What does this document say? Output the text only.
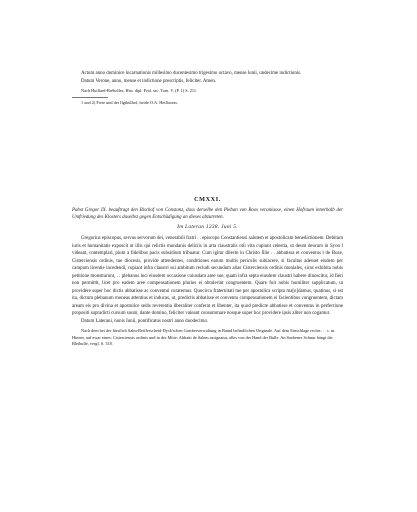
Actum anno dominice incarnationis millesimo ducentesimo trigesimo octavo, mense lunii, undecime indictionis.

Datum Verone, anno, mense et indictione prescriptis, feliciter. Amen.

Nach Huillard-Bréholles, Hist. dipl. Frid. sec. Tom. V, (P. 1) S. 211.

1 und 2) Fiete und der Ilgthülhof, beide O.A. Heilbronn.

CMXXI.

Pabst Gregor IX. beauftragt den Bischof von Constanz, dass derselbe den Pleban von Boos veranlasse, einen Hofraum innerhalb der Umfriedung des Klosters daselbst gegen Entschädigung an dieses abzutreten.

Im Lateran 1238. Juni 5.

Gregorius episcopus, servus servorum dei, venerabili fratri . . episcopo Constantiensi salutem et apostolicam benedictionem. Debitum iuris et humanitatis exposcit ut illis qui relictis mundanis deliciis in arta claustralis otii vita cupiunt celestia, ut deum deorum in Syon ‖ videant, contemplari, pium a fidelibus pacis subsidium tribuatur. Cum igitur dilecte in Christo filie . . abbatissa et conventus ‖ de Boze, Cisterciensis ordinis, tue diocesis, provide attendentes, conditiones earum multis periculis subiacere, si facultas adesset eisdem per campum licentie incedendi, cupiant infra claustri sui ambitum recludi secundum alias Cisterciensis ordinis moniales, sicut exhibita nobis petitione monstrarunt, . . plebanus loci eiusdem occasione cuiusdam aree sue, quam infra septa eiusdem claustri habere dinoscitur, id fieri non permittit, licet pro eadem aree compensationem pluries ei obtulerint congruentem. Quare fuit nobis humiliter supplicatum, ut providere super hoc dictis abbatisse ac conventui curaremus. Quocirca fraternitati tue per apostolica scripta ma[n]damus, quatinus, si est ita, dictum plebanum moneas attentius et inducas, ut, predictis abbatisse et conventu compensationem ei facientibus congruentem, dictam aream eis pro divina et apostolice sedis reverentia liberaliter conferat et libenter, ita quod predicte abbatisse et conventus in perfectione propositi supradicti cursum suum, dante domino, feliciter valeant consummare nosque super hoc providere ipsis aliter non cogamur.

Datum Laterani, nonis Iunii, pontificatus nostri anno duodecimo.

Nach dem bei der fürstlich Salm-Reifferscheid-Dyck'schen Guisberverwaltung in Baind befindlichen Originale. Auf dem Einschlage rechts: . . s. m. Hinten, auf zwar eines: Cisterciensis ordinis und in der Mitte: Abbatit de Salem assignatur, alles von der Hand der Bulle. An Saebener Schnur hängt die Bleibulle, vergl. S. 318.
